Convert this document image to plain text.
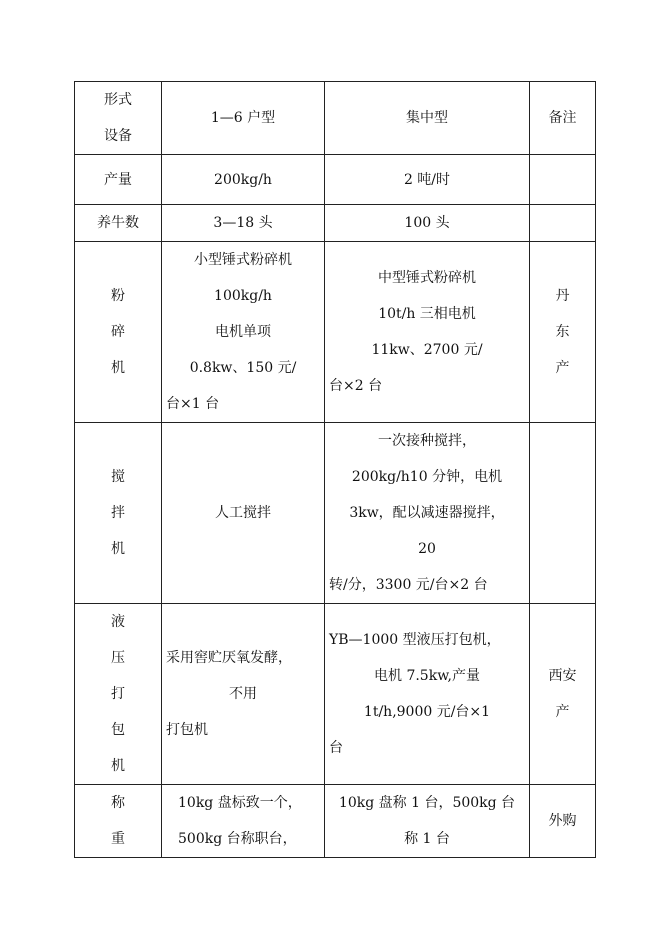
形式
设备	1—6 户型	集中型	备注

产量	200kg/h	2 吨/时	

养牛数	3—18 头	100 头	

粉
碎
机	小型锤式粉碎机
100kg/h
电机单项
0.8kw、150 元/
台×1 台	中型锤式粉碎机
10t/h 三相电机
11kw、2700 元/
台×2 台	丹
东
产

搅
拌
机	人工搅拌	一次接种搅拌，
200kg/h10 分钟，电机
3kw，配以减速器搅拌，
20
转/分，3300 元/台×2 台	

液
压
打
包
机	采用窖贮厌氧发酵，
不用
打包机	YB—1000 型液压打包机，
电机 7.5kw,产量
1t/h,9000 元/台×1
台	西安
产

称
重	10kg 盘标致一个，
500kg 台称职台，	10kg 盘称 1 台，500kg 台
称 1 台	外购
